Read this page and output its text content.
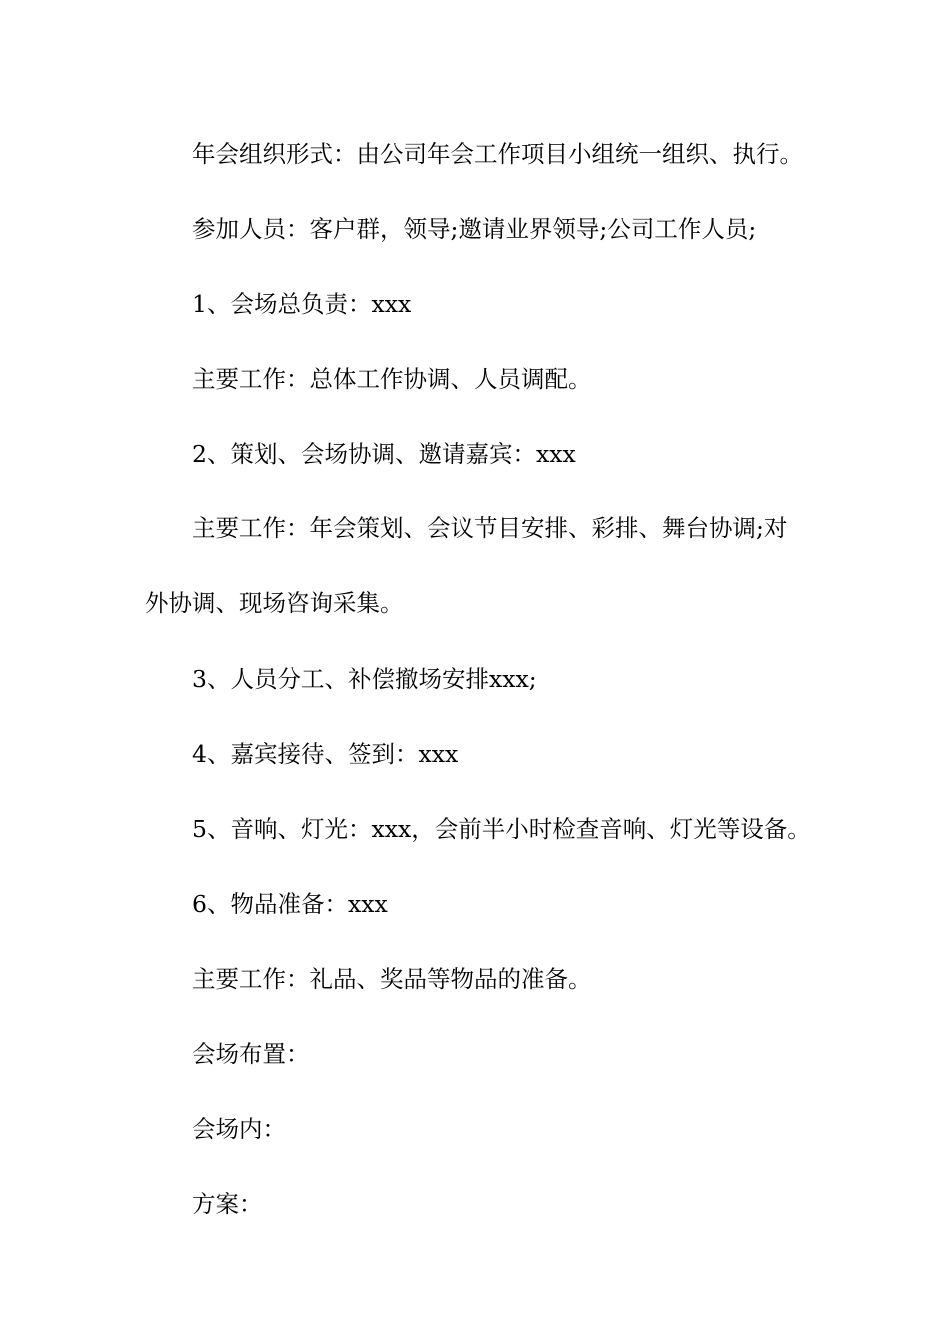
年会组织形式：由公司年会工作项目小组统一组织、执行。

参加人员：客户群，领导;邀请业界领导;公司工作人员;

1、会场总负责：xxx

主要工作：总体工作协调、人员调配。

2、策划、会场协调、邀请嘉宾：xxx

主要工作：年会策划、会议节目安排、彩排、舞台协调;对
外协调、现场咨询采集。

3、人员分工、补偿撤场安排xxx;

4、嘉宾接待、签到：xxx

5、音响、灯光：xxx，会前半小时检查音响、灯光等设备。

6、物品准备：xxx

主要工作：礼品、奖品等物品的准备。

会场布置：

会场内：

方案：
